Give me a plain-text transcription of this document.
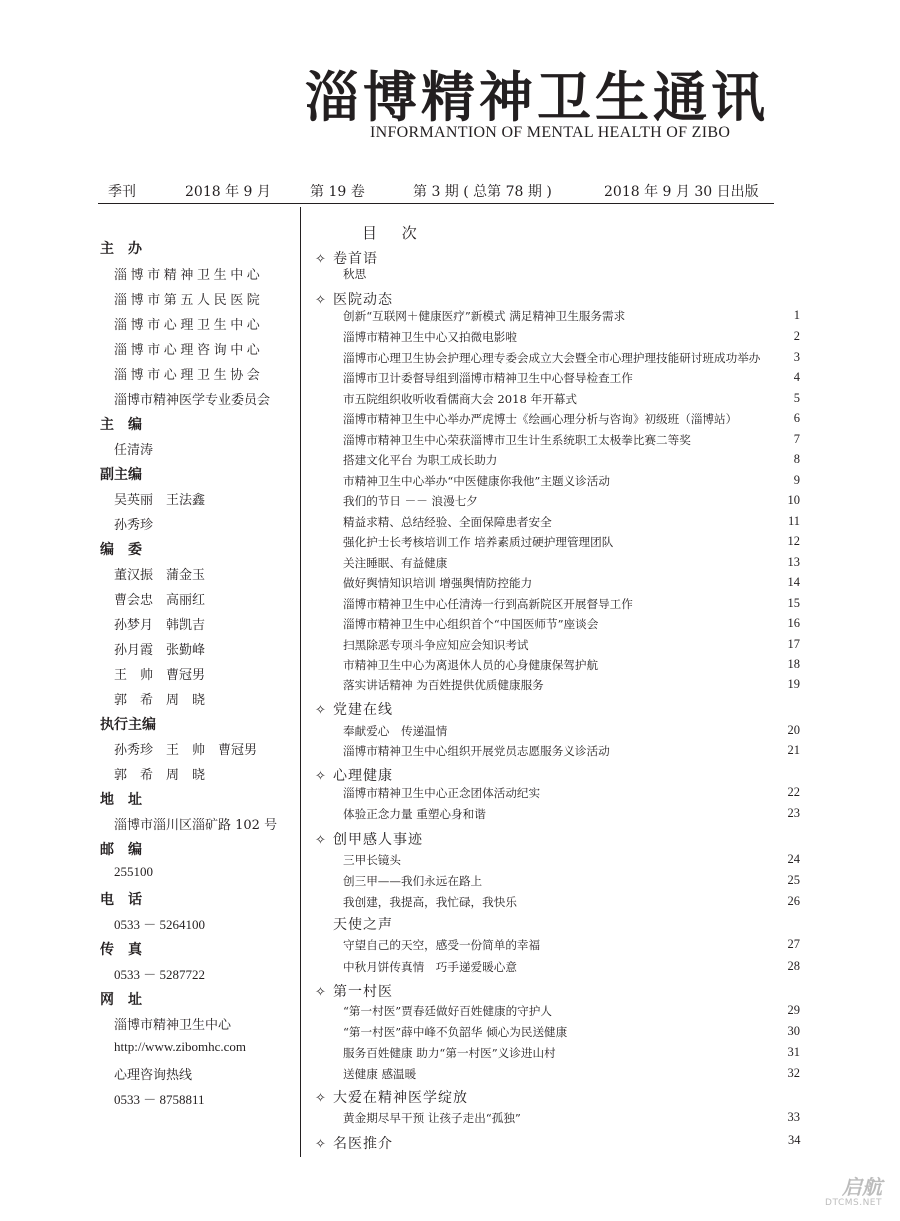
淄博精神卫生通讯
INFORMANTION OF MENTAL HEALTH OF ZIBO
季刊	2018 年 9 月	第 19 卷	第 3 期 ( 总第 78 期 )	2018 年 9 月 30 日出版
主　办
淄博市精神卫生中心
淄博市第五人民医院
淄博市心理卫生中心
淄博市心理咨询中心
淄博市心理卫生协会
淄博市精神医学专业委员会
主　编
任清涛
副主编
吴英丽　王法鑫
孙秀珍
编　委
董汉振　蒲金玉
曹会忠　高丽红
孙梦月　韩凯吉
孙月霞　张勤峰
王　帅　曹冠男
郭　希　周　晓
执行主编
孙秀珍　王　帅　曹冠男
郭　希　周　晓
地　址
淄博市淄川区淄矿路 102 号
邮　编
255100
电　话
0533 － 5264100
传　真
0533 － 5287722
网　址
淄博市精神卫生中心
http://www.zibomhc.com
心理咨询热线
0533 － 8758811
目 次
✧ 卷首语
秋思
✧ 医院动态
创新“互联网＋健康医疗”新模式 满足精神卫生服务需求	1
淄博市精神卫生中心又拍微电影啦	2
淄博市心理卫生协会护理心理专委会成立大会暨全市心理护理技能研讨班成功举办	3
淄博市卫计委督导组到淄博市精神卫生中心督导检查工作	4
市五院组织收听收看儒商大会 2018 年开幕式	5
淄博市精神卫生中心举办严虎博士《绘画心理分析与咨询》初级班（淄博站）	6
淄博市精神卫生中心荣获淄博市卫生计生系统职工太极拳比赛二等奖	7
搭建文化平台 为职工成长助力	8
市精神卫生中心举办“中医健康你我他”主题义诊活动	9
我们的节日 －－ 浪漫七夕	10
精益求精、总结经验、全面保障患者安全	11
强化护士长考核培训工作 培养素质过硬护理管理团队	12
关注睡眠、有益健康	13
做好舆情知识培训 增强舆情防控能力	14
淄博市精神卫生中心任清涛一行到高新院区开展督导工作	15
淄博市精神卫生中心组织首个“中国医师节”座谈会	16
扫黑除恶专项斗争应知应会知识考试	17
市精神卫生中心为离退休人员的心身健康保驾护航	18
落实讲话精神 为百姓提供优质健康服务	19
✧ 党建在线
奉献爱心　传递温情	20
淄博市精神卫生中心组织开展党员志愿服务义诊活动	21
✧ 心理健康
淄博市精神卫生中心正念团体活动纪实	22
体验正念力量 重塑心身和谐	23
✧ 创甲感人事迹
三甲长镜头	24
创三甲——我们永远在路上	25
我创建，我提高，我忙碌，我快乐	26
天使之声
守望自己的天空，感受一份简单的幸福	27
中秋月饼传真情　巧手递爱暖心意	28
✧ 第一村医
“第一村医”贾春廷做好百姓健康的守护人	29
“第一村医”薛中峰不负韶华 倾心为民送健康	30
服务百姓健康 助力“第一村医”义诊进山村	31
送健康 感温暖	32
✧ 大爱在精神医学绽放
黄金期尽早干预 让孩子走出“孤独”	33
✧ 名医推介	34
启航
DTCMS.NET
